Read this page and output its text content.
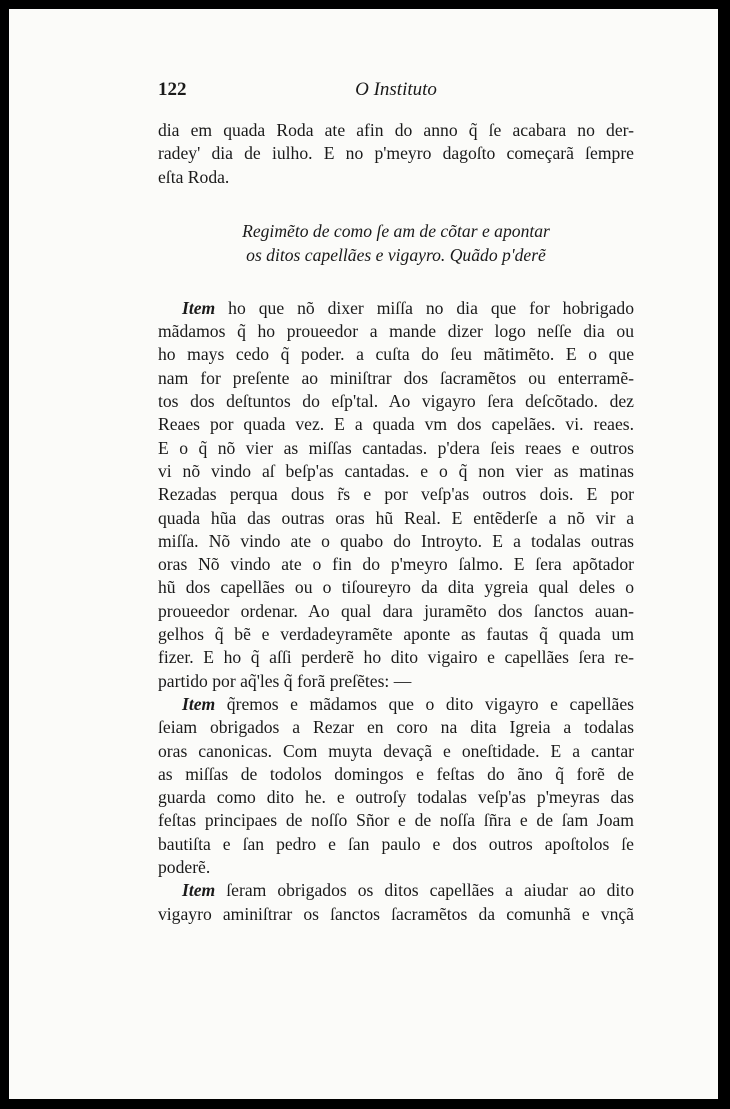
122	O Instituto
dia em quada Roda ate afin do anno q̃ ſe acabara no der-
radey' dia de iulho. E no p'meyro dagoſto começarã ſempre
eſta Roda.
Regimẽto de como ſe am de cõtar e apontar
os ditos capellães e vigayro. Quãdo p'derẽ
Item ho que nõ dixer miſſa no dia que for hobrigado
mãdamos q̃ ho proueedor a mande dizer logo neſſe dia ou
ho mays cedo q̃ poder. a cuſta do ſeu mãtimẽto. E o que
nam for preſente ao miniſtrar dos ſacramẽtos ou enterramẽ-
tos dos deſtuntos do eſp'tal. Ao vigayro ſera deſcõtado. dez
Reaes por quada vez. E a quada vm dos capelães. vi. reaes.
E o q̃ nõ vier as miſſas cantadas. p'dera ſeis reaes e outros
vi nõ vindo aſ beſp'as cantadas. e o q̃ non vier as matinas
Rezadas perqua dous r̃s e por veſp'as outros dois. E por
quada hũa das outras oras hũ Real. E entẽderſe a nõ vir a
miſſa. Nõ vindo ate o quabo do Introyto. E a todalas outras
oras Nõ vindo ate o fin do p'meyro ſalmo. E ſera apõtador
hũ dos capellães ou o tiſoureyro da dita ygreia qual deles o
proueedor ordenar. Ao qual dara juramẽto dos ſanctos auan-
gelhos q̃ bẽ e verdadeyramẽte aponte as fautas q̃ quada um
fizer. E ho q̃ aſſi perderẽ ho dito vigairo e capellães ſera re-
partido por aq̃'les q̃ forã preſẽtes: —
Item q̃remos e mãdamos que o dito vigayro e capellães
ſeiam obrigados a Rezar en coro na dita Igreia a todalas
oras canonicas. Com muyta devaçã e oneſtidade. E a cantar
as miſſas de todolos domingos e feſtas do ãno q̃ forẽ de
guarda como dito he. e outroſy todalas veſp'as p'meyras das
feſtas principaes de noſſo Sñor e de noſſa ſñra e de ſam Joam
bautiſta e ſan pedro e ſan paulo e dos outros apoſtolos ſe
poderẽ.
Item ſeram obrigados os ditos capellães a aiudar ao dito
vigayro aminiſtrar os ſanctos ſacramẽtos da comunhã e vnçã
